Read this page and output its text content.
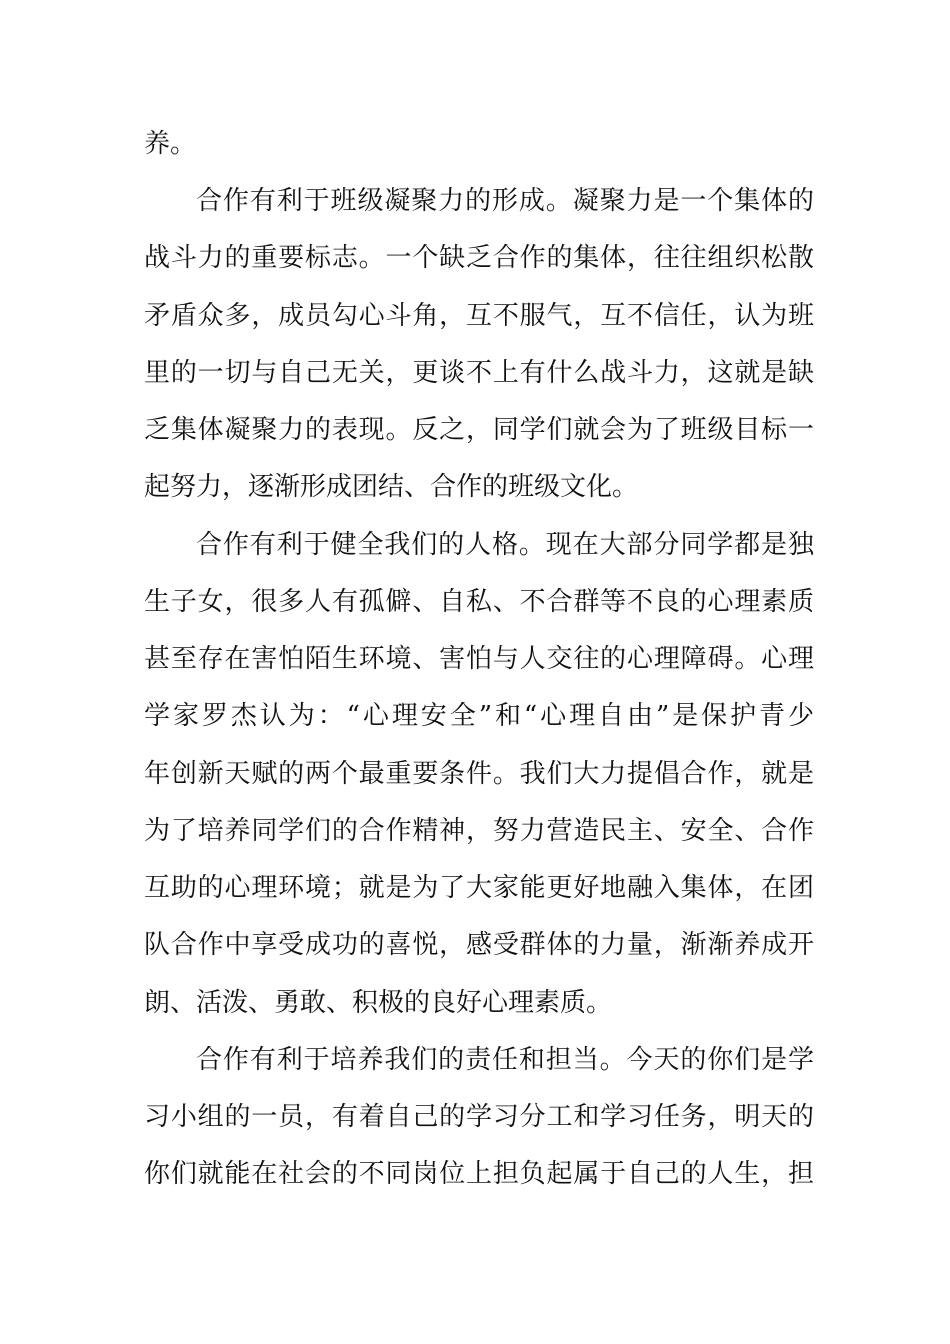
养。
合作有利于班级凝聚力的形成。凝聚力是一个集体的
战斗力的重要标志。一个缺乏合作的集体，往往组织松散
矛盾众多，成员勾心斗角，互不服气，互不信任，认为班
里的一切与自己无关，更谈不上有什么战斗力，这就是缺
乏集体凝聚力的表现。反之，同学们就会为了班级目标一
起努力，逐渐形成团结、合作的班级文化。
合作有利于健全我们的人格。现在大部分同学都是独
生子女，很多人有孤僻、自私、不合群等不良的心理素质
甚至存在害怕陌生环境、害怕与人交往的心理障碍。心理
学家罗杰认为：“心理安全”和“心理自由”是保护青少
年创新天赋的两个最重要条件。我们大力提倡合作，就是
为了培养同学们的合作精神，努力营造民主、安全、合作
互助的心理环境；就是为了大家能更好地融入集体，在团
队合作中享受成功的喜悦，感受群体的力量，渐渐养成开
朗、活泼、勇敢、积极的良好心理素质。
合作有利于培养我们的责任和担当。今天的你们是学
习小组的一员，有着自己的学习分工和学习任务，明天的
你们就能在社会的不同岗位上担负起属于自己的人生，担
